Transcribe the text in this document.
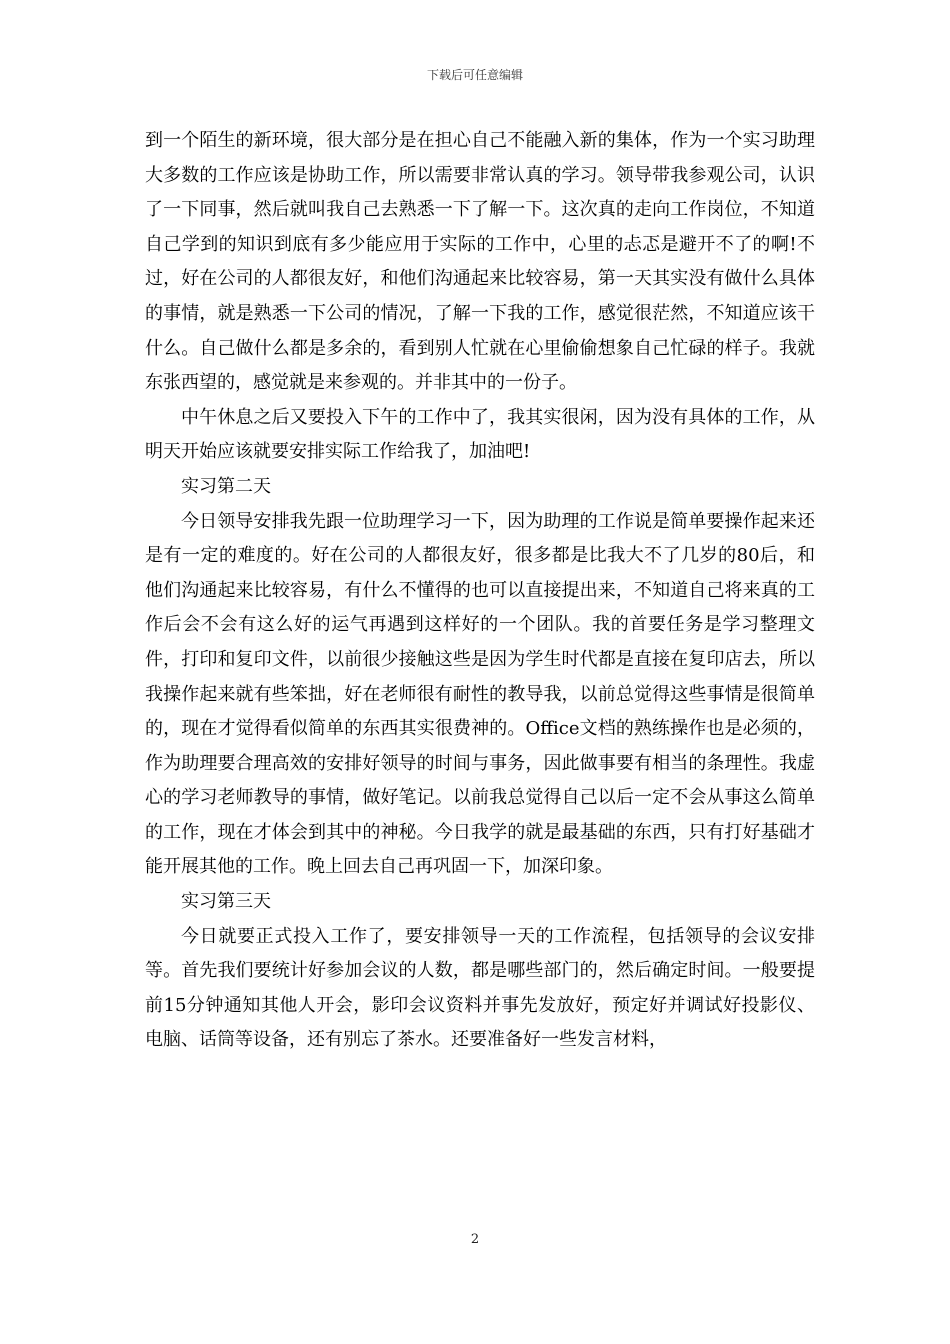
下载后可任意编辑

到一个陌生的新环境，很大部分是在担心自己不能融入新的集体，作为一个实习助理大多数的工作应该是协助工作，所以需要非常认真的学习。领导带我参观公司，认识了一下同事，然后就叫我自己去熟悉一下了解一下。这次真的走向工作岗位，不知道自己学到的知识到底有多少能应用于实际的工作中，心里的忐忑是避开不了的啊!不过，好在公司的人都很友好，和他们沟通起来比较容易，第一天其实没有做什么具体的事情，就是熟悉一下公司的情况，了解一下我的工作，感觉很茫然，不知道应该干什么。自己做什么都是多余的，看到别人忙就在心里偷偷想象自己忙碌的样子。我就东张西望的，感觉就是来参观的。并非其中的一份子。

中午休息之后又要投入下午的工作中了，我其实很闲，因为没有具体的工作，从明天开始应该就要安排实际工作给我了，加油吧!

实习第二天

今日领导安排我先跟一位助理学习一下，因为助理的工作说是简单要操作起来还是有一定的难度的。好在公司的人都很友好，很多都是比我大不了几岁的80后，和他们沟通起来比较容易，有什么不懂得的也可以直接提出来，不知道自己将来真的工作后会不会有这么好的运气再遇到这样好的一个团队。我的首要任务是学习整理文件，打印和复印文件，以前很少接触这些是因为学生时代都是直接在复印店去，所以我操作起来就有些笨拙，好在老师很有耐性的教导我，以前总觉得这些事情是很简单的，现在才觉得看似简单的东西其实很费神的。Office文档的熟练操作也是必须的，作为助理要合理高效的安排好领导的时间与事务，因此做事要有相当的条理性。我虚心的学习老师教导的事情，做好笔记。以前我总觉得自己以后一定不会从事这么简单的工作，现在才体会到其中的神秘。今日我学的就是最基础的东西，只有打好基础才能开展其他的工作。晚上回去自己再巩固一下，加深印象。

实习第三天

今日就要正式投入工作了，要安排领导一天的工作流程，包括领导的会议安排等。首先我们要统计好参加会议的人数，都是哪些部门的，然后确定时间。一般要提前15分钟通知其他人开会，影印会议资料并事先发放好，预定好并调试好投影仪、电脑、话筒等设备，还有别忘了茶水。还要准备好一些发言材料，

2
